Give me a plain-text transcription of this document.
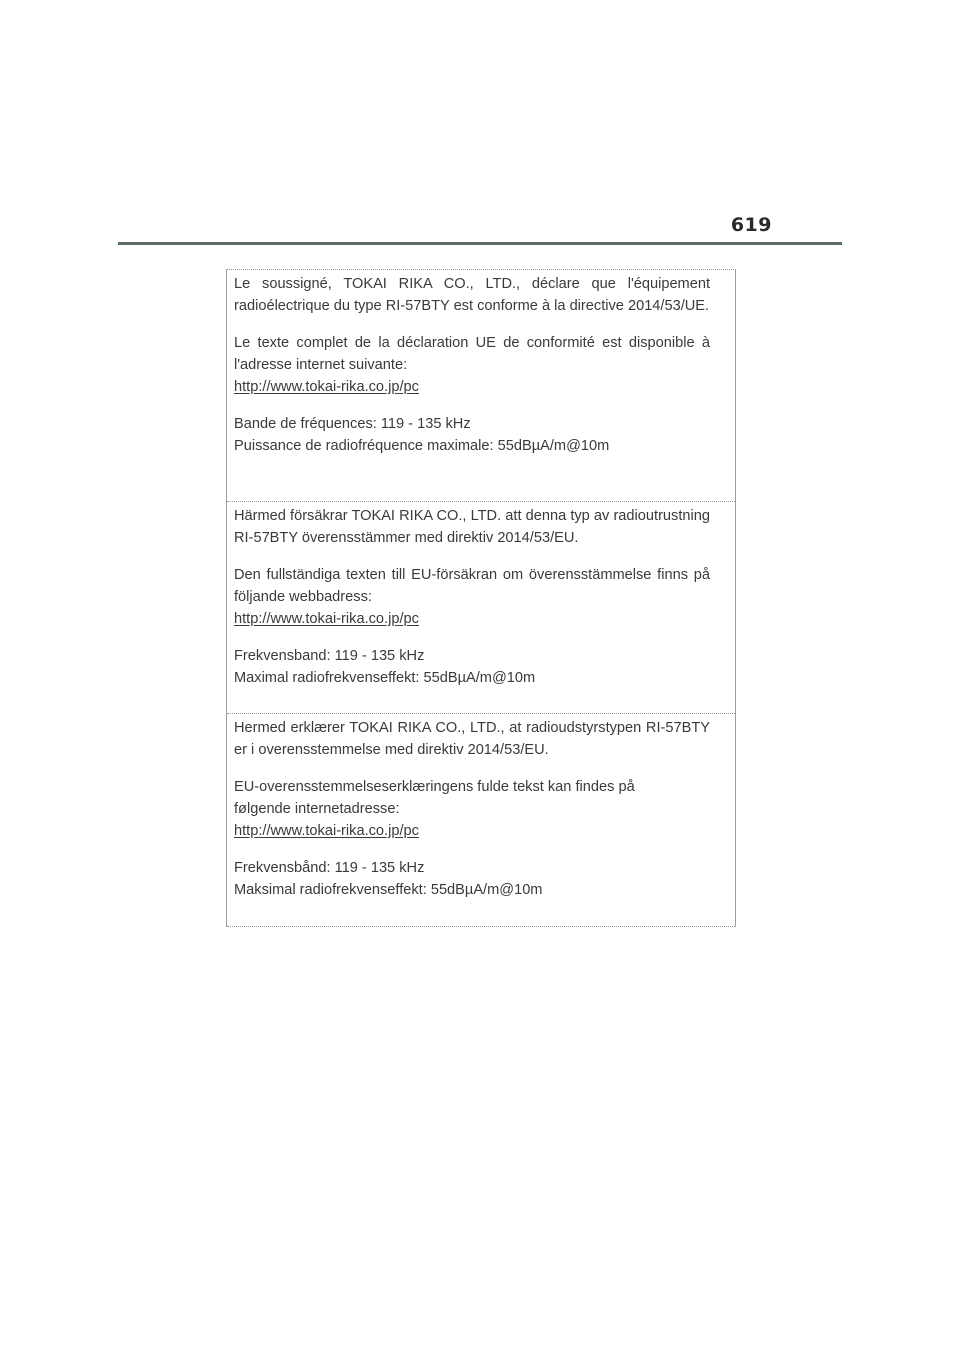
619

Le soussigné, TOKAI RIKA CO., LTD., déclare que l'équipement radioélectrique du type RI-57BTY est conforme à la directive 2014/53/UE.

Le texte complet de la déclaration UE de conformité est disponible à l'adresse internet suivante:

http://www.tokai-rika.co.jp/pc

Bande de fréquences: 119 - 135 kHz

Puissance de radiofréquence maximale: 55dBµA/m@10m

Härmed försäkrar TOKAI RIKA CO., LTD. att denna typ av radioutrustning RI-57BTY överensstämmer med direktiv 2014/53/EU.

Den fullständiga texten till EU-försäkran om överensstämmelse finns på följande webbadress:

http://www.tokai-rika.co.jp/pc

Frekvensband: 119 - 135 kHz

Maximal radiofrekvenseffekt: 55dBµA/m@10m

Hermed erklærer TOKAI RIKA CO., LTD., at radioudstyrstypen RI-57BTY er i overensstemmelse med direktiv 2014/53/EU.

EU-overensstemmelseserklæringens fulde tekst kan findes på

følgende internetadresse:

http://www.tokai-rika.co.jp/pc

Frekvensbånd: 119 - 135 kHz

Maksimal radiofrekvenseffekt: 55dBµA/m@10m
